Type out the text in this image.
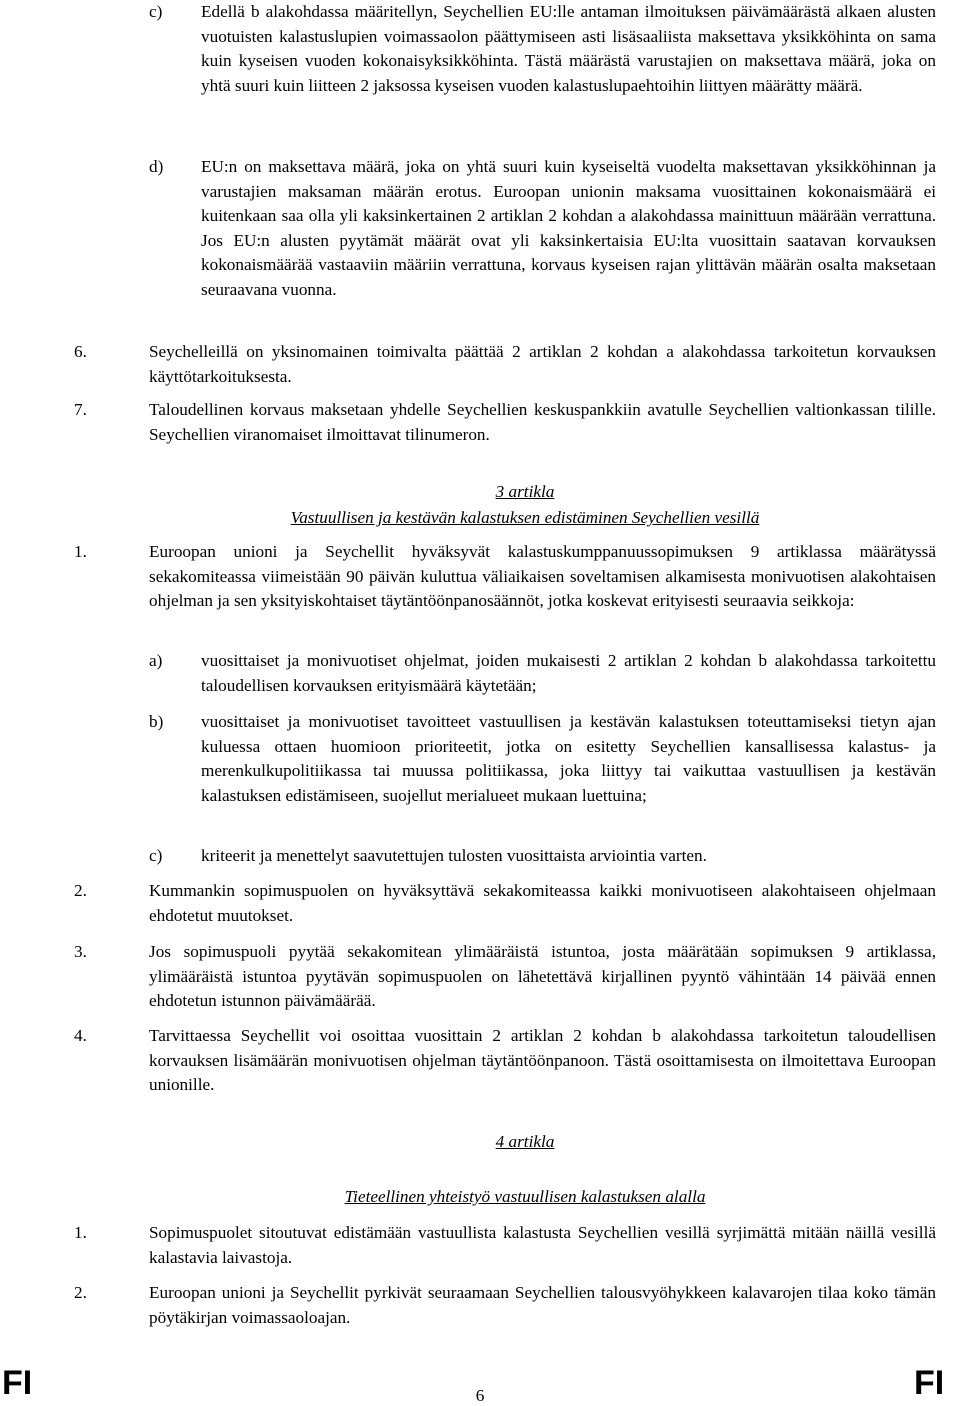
c) Edellä b alakohdassa määritellyn, Seychellien EU:lle antaman ilmoituksen päivämäärästä alkaen alusten vuotuisten kalastuslupien voimassaolon päättymiseen asti lisäsaaliista maksettava yksikköhinta on sama kuin kyseisen vuoden kokonaisyksikköhinta. Tästä määrästä varustajien on maksettava määrä, joka on yhtä suuri kuin liitteen 2 jaksossa kyseisen vuoden kalastuslupaehtoihin liittyen määrätty määrä.
d) EU:n on maksettava määrä, joka on yhtä suuri kuin kyseiseltä vuodelta maksettavan yksikköhinnan ja varustajien maksaman määrän erotus. Euroopan unionin maksama vuosittainen kokonaismäärä ei kuitenkaan saa olla yli kaksinkertainen 2 artiklan 2 kohdan a alakohdassa mainittuun määrään verrattuna. Jos EU:n alusten pyytämät määrät ovat yli kaksinkertaisia EU:lta vuosittain saatavan korvauksen kokonaismäärää vastaaviin määriin verrattuna, korvaus kyseisen rajan ylittävän määrän osalta maksetaan seuraavana vuonna.
6.	Seychelleillä on yksinomainen toimivalta päättää 2 artiklan 2 kohdan a alakohdassa tarkoitetun korvauksen käyttötarkoituksesta.
7.	Taloudellinen korvaus maksetaan yhdelle Seychellien keskuspankkiin avatulle Seychellien valtionkassan tilille. Seychellien viranomaiset ilmoittavat tilinumeron.
3 artikla
Vastuullisen ja kestävän kalastuksen edistäminen Seychellien vesillä
1.	Euroopan unioni ja Seychellit hyväksyvät kalastuskumppanuussopimuksen 9 artiklassa määrätyssä sekakomiteassa viimeistään 90 päivän kuluttua väliaikaisen soveltamisen alkamisesta monivuotisen alakohtaisen ohjelman ja sen yksityiskohtaiset täytäntöönpanosäännöt, jotka koskevat erityisesti seuraavia seikkoja:
a) vuosittaiset ja monivuotiset ohjelmat, joiden mukaisesti 2 artiklan 2 kohdan b alakohdassa tarkoitettu taloudellisen korvauksen erityismäärä käytetään;
b) vuosittaiset ja monivuotiset tavoitteet vastuullisen ja kestävän kalastuksen toteuttamiseksi tietyn ajan kuluessa ottaen huomioon prioriteetit, jotka on esitetty Seychellien kansallisessa kalastus- ja merenkulkupolitiikassa tai muussa politiikassa, joka liittyy tai vaikuttaa vastuullisen ja kestävän kalastuksen edistämiseen, suojellut merialueet mukaan luettuina;
c) kriteerit ja menettelyt saavutettujen tulosten vuosittaista arviointia varten.
2.	Kummankin sopimuspuolen on hyväksyttävä sekakomiteassa kaikki monivuotiseen alakohtaiseen ohjelmaan ehdotetut muutokset.
3.	Jos sopimuspuoli pyytää sekakomitean ylimääräistä istuntoa, josta määrätään sopimuksen 9 artiklassa, ylimääräistä istuntoa pyytävän sopimuspuolen on lähetettävä kirjallinen pyyntö vähintään 14 päivää ennen ehdotetun istunnon päivämäärää.
4.	Tarvittaessa Seychellit voi osoittaa vuosittain 2 artiklan 2 kohdan b alakohdassa tarkoitetun taloudellisen korvauksen lisämäärän monivuotisen ohjelman täytäntöönpanoon. Tästä osoittamisesta on ilmoitettava Euroopan unionille.
4 artikla
Tieteellinen yhteistyö vastuullisen kalastuksen alalla
1.	Sopimuspuolet sitoutuvat edistämään vastuullista kalastusta Seychellien vesillä syrjimättä mitään näillä vesillä kalastavia laivastoja.
2.	Euroopan unioni ja Seychellit pyrkivät seuraamaan Seychellien talousvyöhykkeen kalavarojen tilaa koko tämän pöytäkirjan voimassaoloajan.
FI	6	FI
